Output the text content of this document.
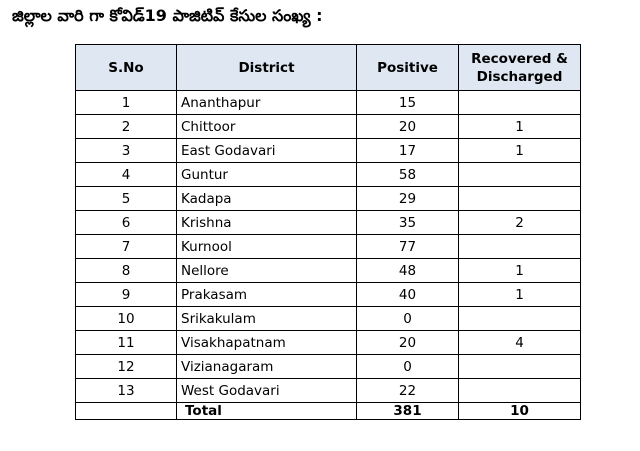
జిల్లాల వారి గా కోవిడ్19 పాజిటివ్ కేసుల సంఖ్య :
S.No	District	Positive	Recovered & Discharged
1	Ananthapur	15	
2	Chittoor	20	1
3	East Godavari	17	1
4	Guntur	58	
5	Kadapa	29	
6	Krishna	35	2
7	Kurnool	77	
8	Nellore	48	1
9	Prakasam	40	1
10	Srikakulam	0	
11	Visakhapatnam	20	4
12	Vizianagaram	0	
13	West Godavari	22	
	Total	381	10
